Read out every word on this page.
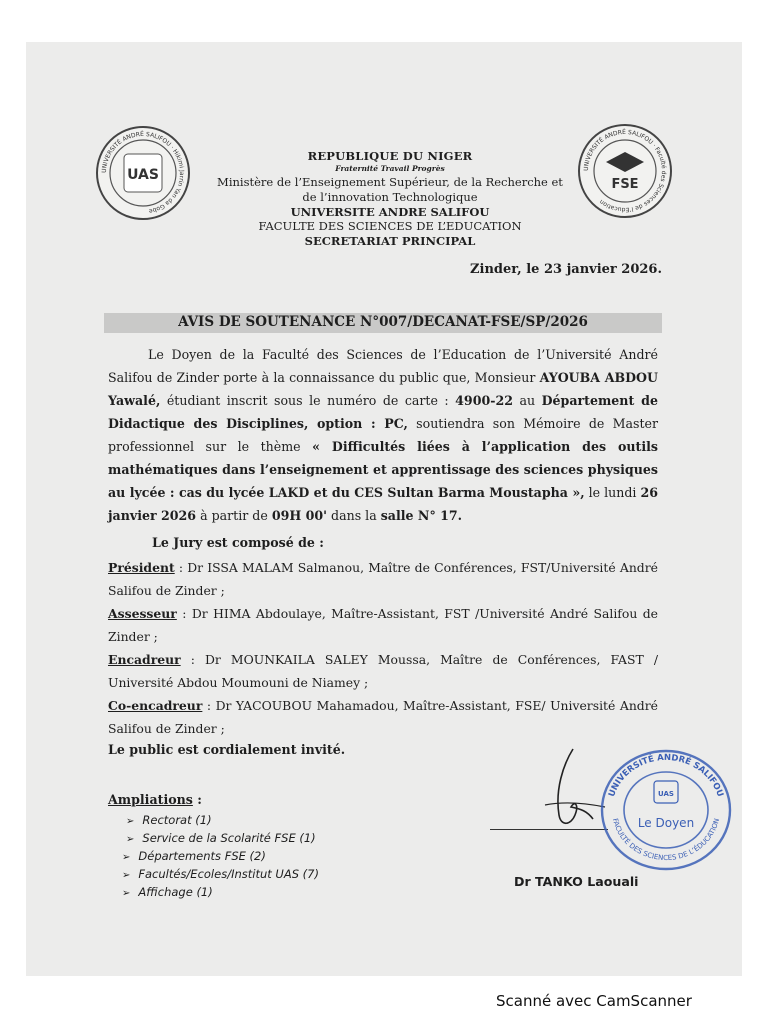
UNIVERSITÉ ANDRÉ SALIFOU · Hikimi Jarrin Yan da Gobe
UAS	UNIVERSITÉ ANDRÉ SALIFOU · Faculté des Sciences de l’Education
FSE
REPUBLIQUE DU NIGER
Fraternité Travail Progrès
Ministère de l’Enseignement Supérieur, de la Recherche et
de l’innovation Technologique
UNIVERSITE ANDRE SALIFOU
FACULTE DES SCIENCES DE L’EDUCATION
SECRETARIAT PRINCIPAL
Zinder, le 23 janvier 2026.
AVIS DE SOUTENANCE N°007/DECANAT-FSE/SP/2026

Le Doyen de la Faculté des Sciences de l’Education de l’Université André Salifou de Zinder porte à la connaissance du public que, Monsieur AYOUBA ABDOU Yawalé, étudiant inscrit sous le numéro de carte : 4900-22 au Département de Didactique des Disciplines, option : PC, soutiendra son Mémoire de Master professionnel sur le thème « Difficultés liées à l’application des outils mathématiques dans l’enseignement et apprentissage des sciences physiques au lycée : cas du lycée LAKD et du CES Sultan Barma Moustapha », le lundi 26 janvier 2026 à partir de 09H 00' dans la salle N° 17.

Le Jury est composé de :
Président : Dr ISSA MALAM Salmanou, Maître de Conférences, FST/Université André Salifou de Zinder ;
Assesseur : Dr HIMA Abdoulaye, Maître-Assistant, FST /Université André Salifou de Zinder ;
Encadreur : Dr MOUNKAILA SALEY Moussa, Maître de Conférences, FAST / Université Abdou Moumouni de Niamey ;
Co-encadreur : Dr YACOUBOU Mahamadou, Maître-Assistant, FSE/ Université André Salifou de Zinder ;
Le public est cordialement invité.
Ampliations :
➢ Rectorat (1)
➢ Service de la Scolarité FSE (1)
➢ Départements FSE (2)
➢ Facultés/Ecoles/Institut UAS (7)
➢ Affichage (1)
UNIVERSITÉ ANDRÉ SALIFOU
FACULTÉ DES SCIENCES DE L’ÉDUCATION
UAS
Le Doyen
Dr TANKO Laouali
Scanné avec CamScanner
